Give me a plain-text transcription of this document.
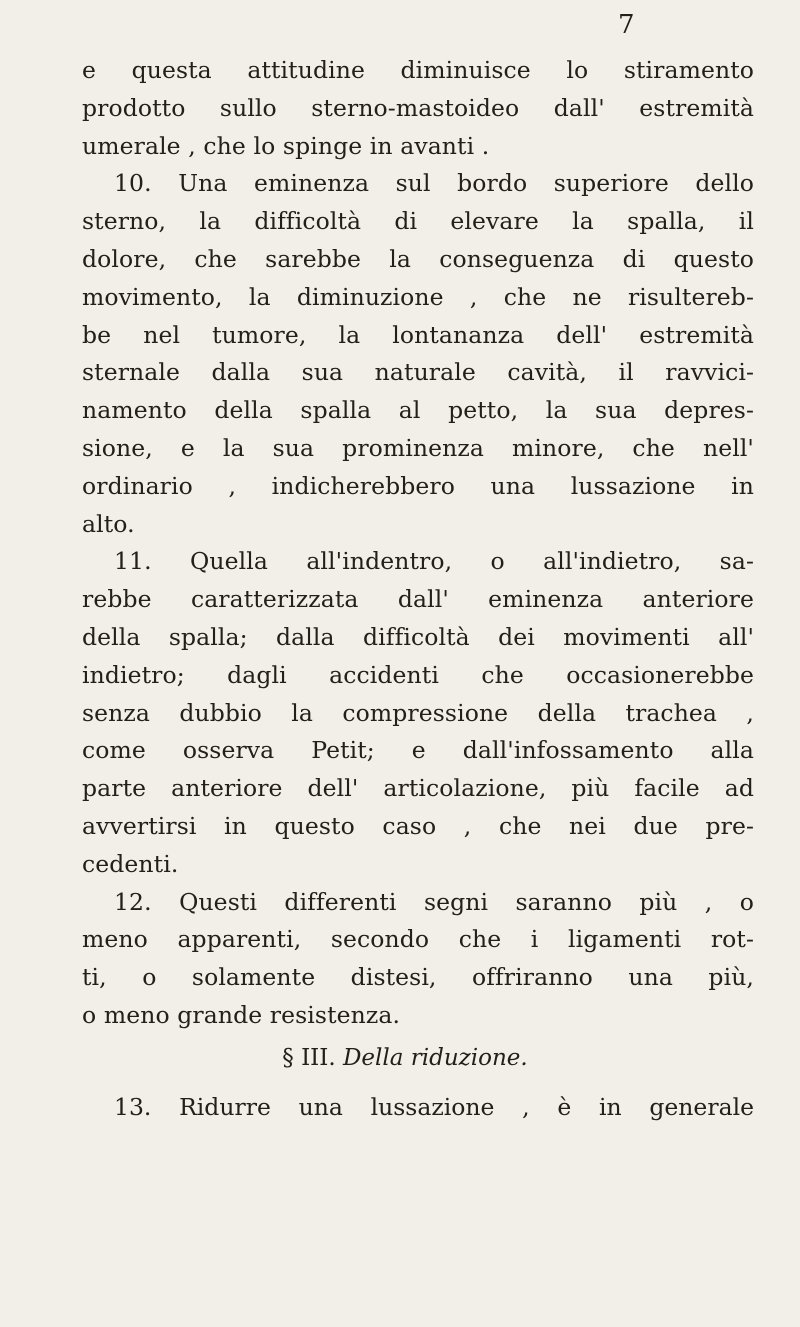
7
e questa attitudine diminuisce lo stiramento
prodotto sullo sterno-mastoideo dall' estremità
umerale , che lo spinge in avanti .
10. Una eminenza sul bordo superiore dello
sterno, la difficoltà di elevare la spalla, il
dolore, che sarebbe la conseguenza di questo
movimento, la diminuzione , che ne risultereb-
be nel tumore, la lontananza dell' estremità
sternale dalla sua naturale cavità, il ravvici-
namento della spalla al petto, la sua depres-
sione, e la sua prominenza minore, che nell'
ordinario , indicherebbero una lussazione in
alto.
11. Quella all'indentro, o all'indietro, sa-
rebbe caratterizzata dall' eminenza anteriore
della spalla; dalla difficoltà dei movimenti all'
indietro; dagli accidenti che occasionerebbe
senza dubbio la compressione della trachea ,
come osserva Petit; e dall'infossamento alla
parte anteriore dell' articolazione, più facile ad
avvertirsi in questo caso , che nei due pre-
cedenti.
12. Questi differenti segni saranno più , o
meno apparenti, secondo che i ligamenti rot-
ti, o solamente distesi, offriranno una più,
o meno grande resistenza.
§ III. Della riduzione.
13. Ridurre una lussazione , è in generale
